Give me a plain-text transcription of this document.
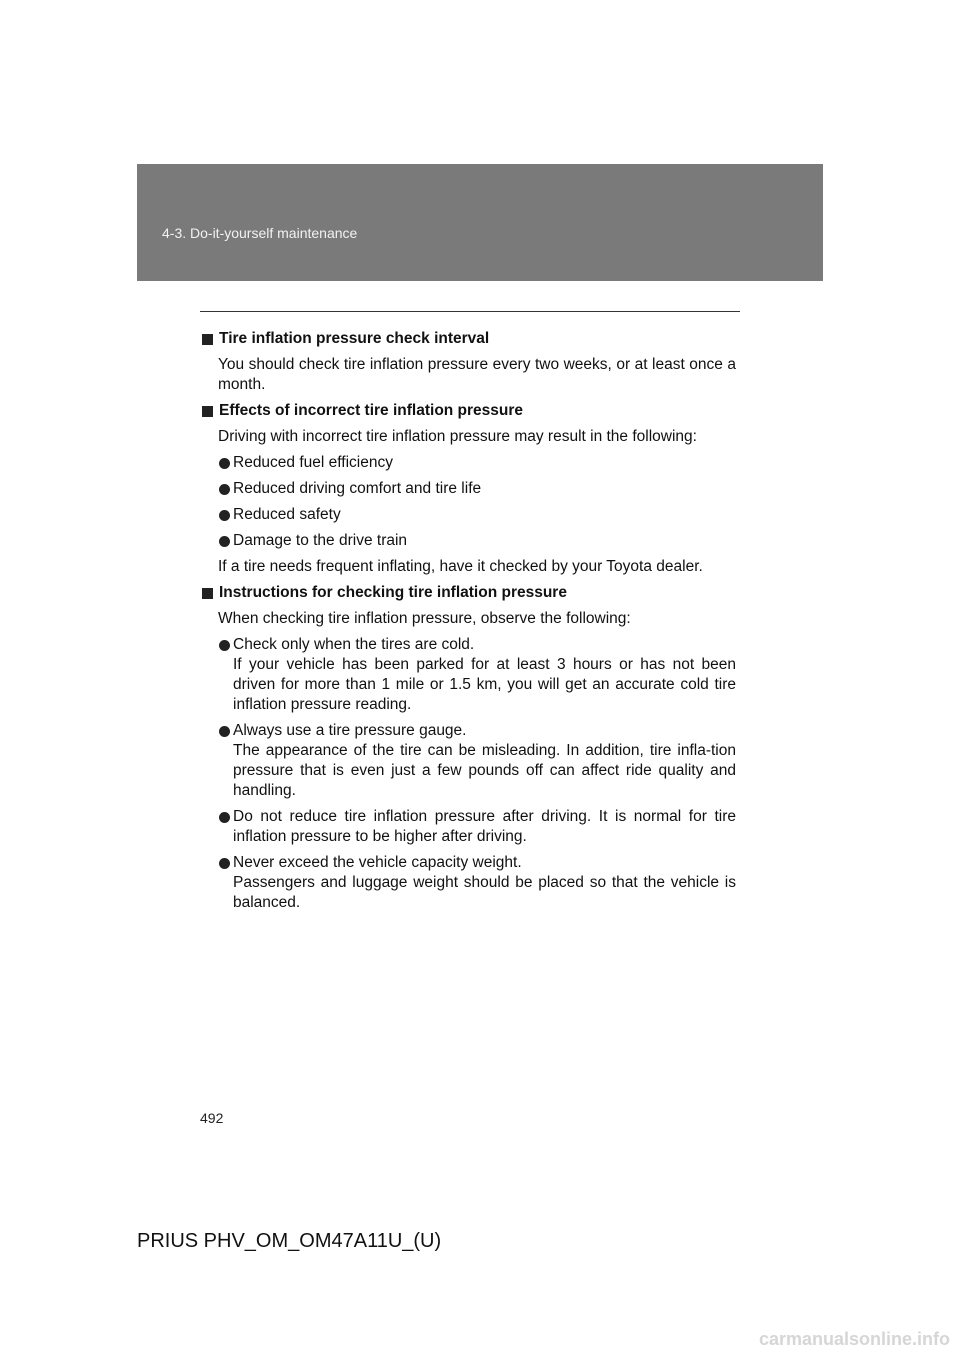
4-3. Do-it-yourself maintenance
Tire inflation pressure check interval
You should check tire inflation pressure every two weeks, or at least once a month.
Effects of incorrect tire inflation pressure
Driving with incorrect tire inflation pressure may result in the following:
Reduced fuel efficiency
Reduced driving comfort and tire life
Reduced safety
Damage to the drive train
If a tire needs frequent inflating, have it checked by your Toyota dealer.
Instructions for checking tire inflation pressure
When checking tire inflation pressure, observe the following:
Check only when the tires are cold.
If your vehicle has been parked for at least 3 hours or has not been driven for more than 1 mile or 1.5 km, you will get an accurate cold tire inflation pressure reading.
Always use a tire pressure gauge.
The appearance of the tire can be misleading. In addition, tire infla-tion pressure that is even just a few pounds off can affect ride quality and handling.
Do not reduce tire inflation pressure after driving. It is normal for tire inflation pressure to be higher after driving.
Never exceed the vehicle capacity weight.
Passengers and luggage weight should be placed so that the vehicle is balanced.
492
PRIUS PHV_OM_OM47A11U_(U)
carmanualsonline.info
